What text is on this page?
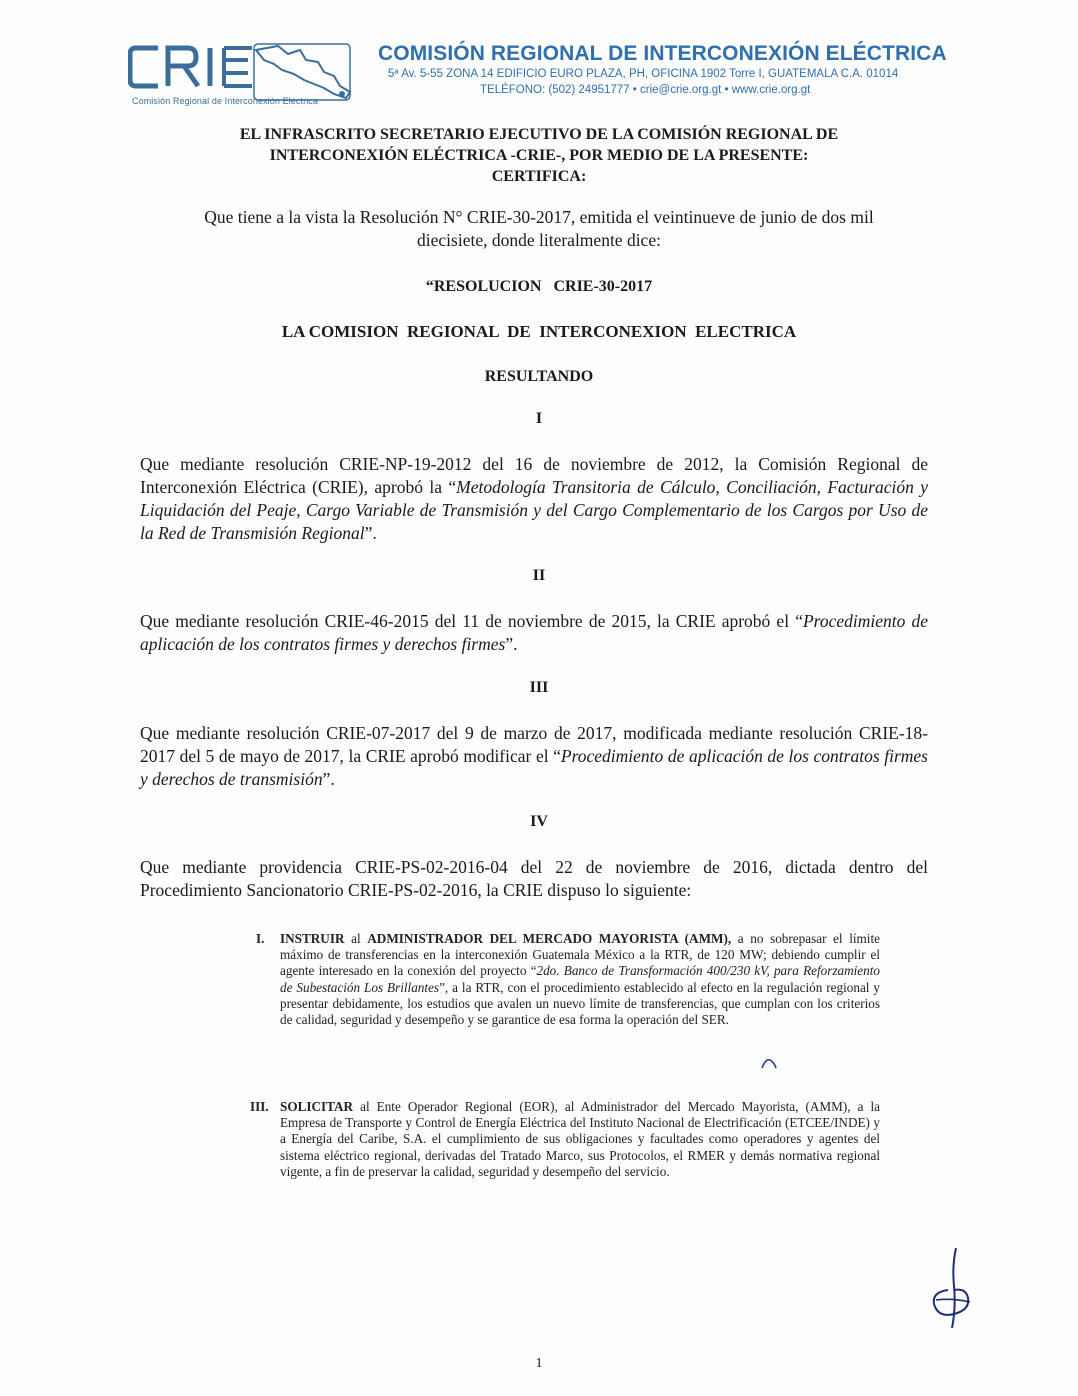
Comisión Regional de Interconexión Eléctrica
COMISIÓN REGIONAL DE INTERCONEXIÓN ELÉCTRICA
5ª Av. 5-55 ZONA 14 EDIFICIO EURO PLAZA, PH, OFICINA 1902 Torre I, GUATEMALA C.A. 01014
TELÉFONO: (502) 24951777 • crie@crie.org.gt • www.crie.org.gt
EL INFRASCRITO SECRETARIO EJECUTIVO DE LA COMISIÓN REGIONAL DE
INTERCONEXIÓN ELÉCTRICA -CRIE-, POR MEDIO DE LA PRESENTE:
CERTIFICA:
Que tiene a la vista la Resolución N° CRIE-30-2017, emitida el veintinueve de junio de dos mil
diecisiete, donde literalmente dice:
“RESOLUCION   CRIE-30-2017
LA COMISION  REGIONAL  DE  INTERCONEXION  ELECTRICA
RESULTANDO
I
Que mediante resolución CRIE-NP-19-2012 del 16 de noviembre de 2012, la Comisión Regional de Interconexión Eléctrica (CRIE), aprobó la “Metodología Transitoria de Cálculo, Conciliación, Facturación y Liquidación del Peaje, Cargo Variable de Transmisión y del Cargo Complementario de los Cargos por Uso de la Red de Transmisión Regional”.
II
Que mediante resolución CRIE-46-2015 del 11 de noviembre de 2015, la CRIE aprobó el “Procedimiento de aplicación de los contratos firmes y derechos firmes”.
III
Que mediante resolución CRIE-07-2017 del 9 de marzo de 2017, modificada mediante resolución CRIE-18-2017 del 5 de mayo de 2017, la CRIE aprobó modificar el “Procedimiento de aplicación de los contratos firmes y derechos de transmisión”.
IV
Que mediante providencia CRIE-PS-02-2016-04 del 22 de noviembre de 2016, dictada dentro del Procedimiento Sancionatorio CRIE-PS-02-2016, la CRIE dispuso lo siguiente:
I. INSTRUIR al ADMINISTRADOR DEL MERCADO MAYORISTA (AMM), a no sobrepasar el límite máximo de transferencias en la interconexión Guatemala México a la RTR, de 120 MW; debiendo cumplir el agente interesado en la conexión del proyecto “2do. Banco de Transformación 400/230 kV, para Reforzamiento de Subestación Los Brillantes”, a la RTR, con el procedimiento establecido al efecto en la regulación regional y presentar debidamente, los estudios que avalen un nuevo límite de transferencias, que cumplan con los criterios de calidad, seguridad y desempeño y se garantice de esa forma la operación del SER.
III. SOLICITAR al Ente Operador Regional (EOR), al Administrador del Mercado Mayorista, (AMM), a la Empresa de Transporte y Control de Energía Eléctrica del Instituto Nacional de Electrificación (ETCEE/INDE) y a Energía del Caribe, S.A. el cumplimiento de sus obligaciones y facultades como operadores y agentes del sistema eléctrico regional, derivadas del Tratado Marco, sus Protocolos, el RMER y demás normativa regional vigente, a fin de preservar la calidad, seguridad y desempeño del servicio.
1
